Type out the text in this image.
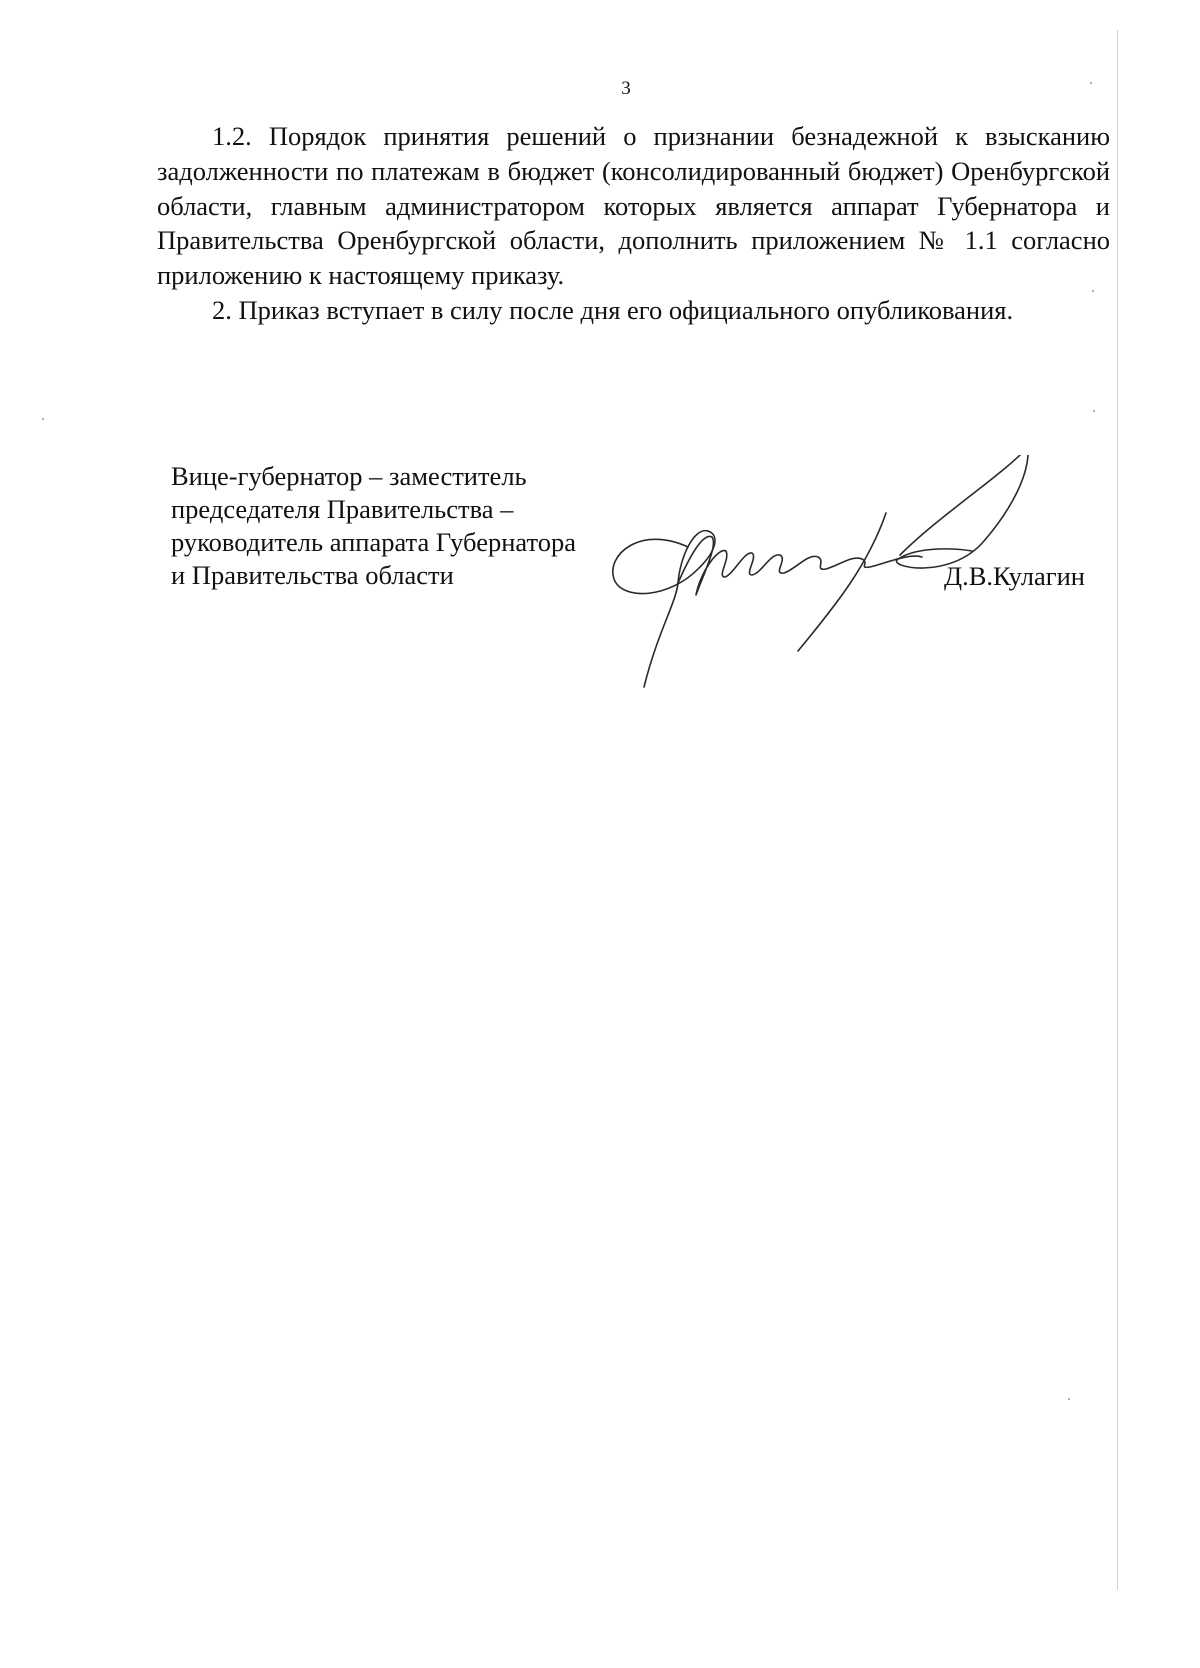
3

1.2. Порядок принятия решений о признании безнадежной к взысканию задолженности по платежам в бюджет (консолидированный бюджет) Оренбургской области, главным администратором которых является аппарат Губернатора и Правительства Оренбургской области, дополнить приложением № 1.1 согласно приложению к настоящему приказу.

2. Приказ вступает в силу после дня его официального опубликования.

Вице-губернатор – заместитель
председателя Правительства –
руководитель аппарата Губернатора
и Правительства области	Д.В.Кулагин
